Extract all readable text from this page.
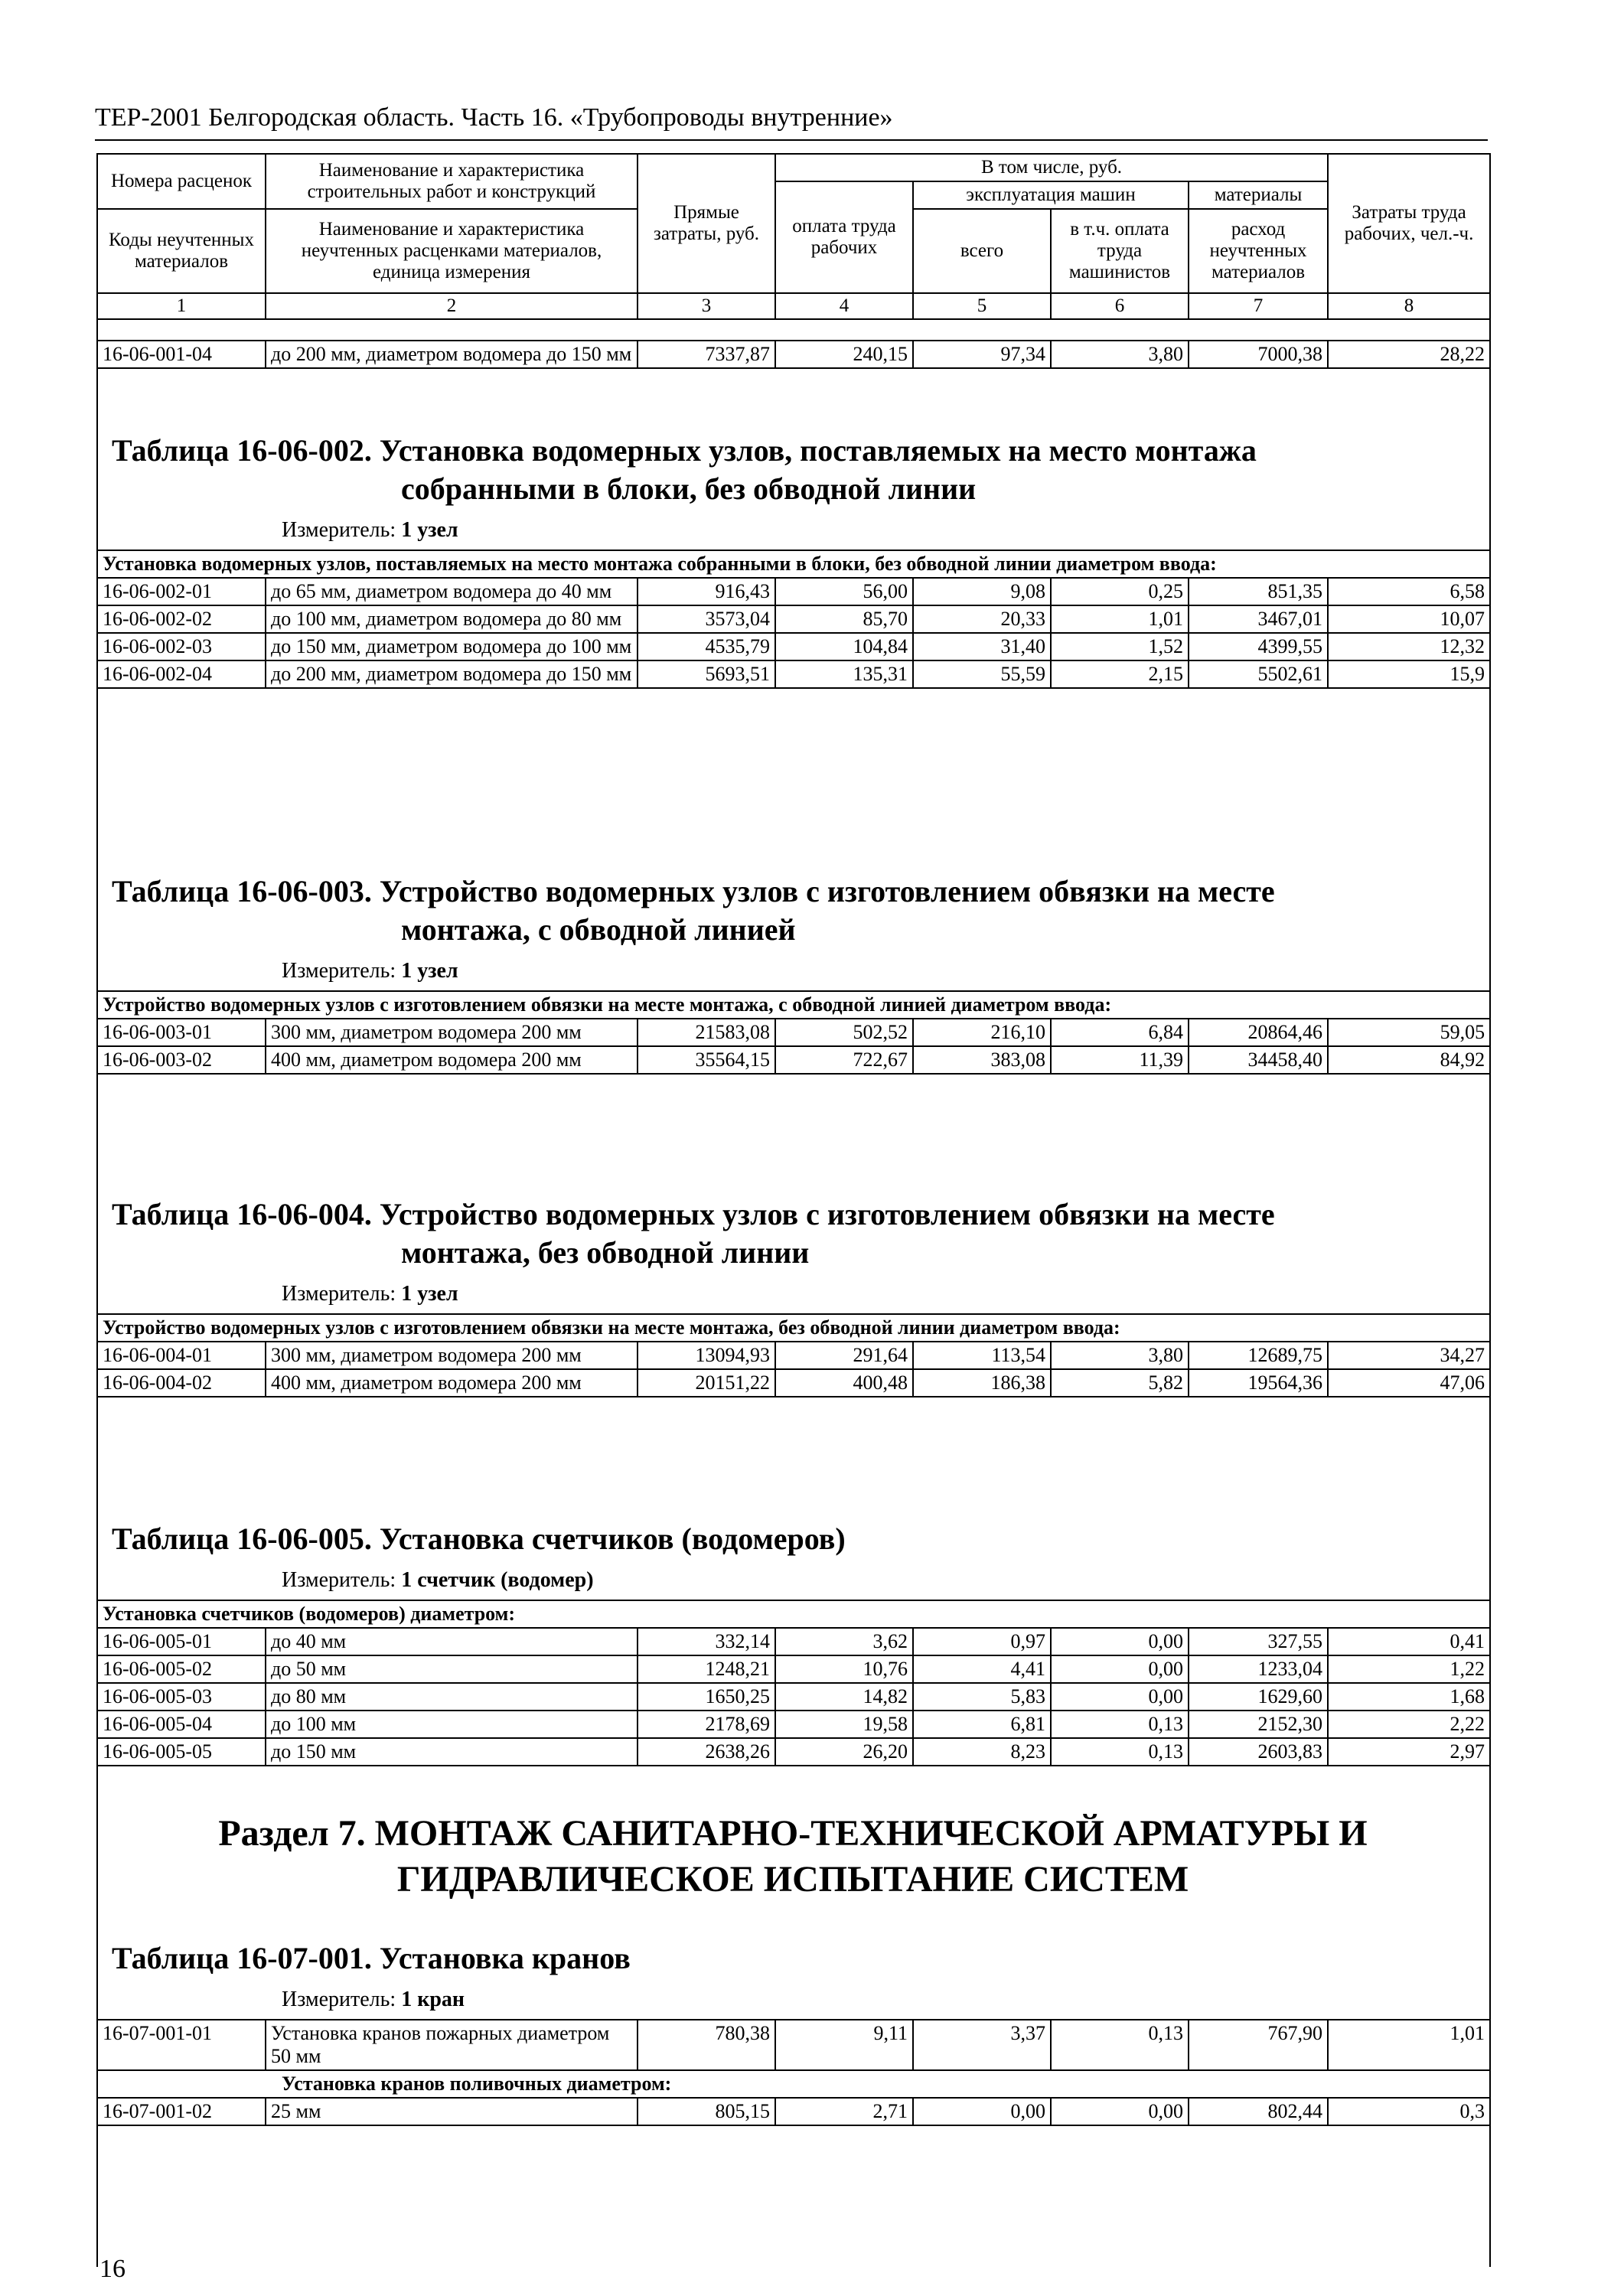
ТЕР-2001 Белгородская область. Часть 16. «Трубопроводы внутренние»
Номера расценок	Наименование и характеристика строительных работ и конструкций	Прямые затраты, руб.	В том числе, руб.				Затраты труда рабочих, чел.-ч.
			оплата труда рабочих	эксплуатация машин		материалы	
Коды неучтенных материалов	Наименование и характеристика неучтенных расценками материалов, единица измерения			всего	в т.ч. оплата труда машинистов	расход неучтенных материалов	

1	2	3	4	5	6	7	8
16-06-001-04	до 200 мм, диаметром водомера до 150 мм	7337,87	240,15	97,34	3,80	7000,38	28,22
Таблица 16-06-002. Установка водомерных узлов, поставляемых на место монтажа
собранными в блоки, без обводной линии
Измеритель: 1 узел
Установка водомерных узлов, поставляемых на место монтажа собранными в блоки, без обводной линии диаметром ввода:							
16-06-002-01	до 65 мм, диаметром водомера до 40 мм	916,43	56,00	9,08	0,25	851,35	6,58
16-06-002-02	до 100 мм, диаметром водомера до 80 мм	3573,04	85,70	20,33	1,01	3467,01	10,07
16-06-002-03	до 150 мм, диаметром водомера до 100 мм	4535,79	104,84	31,40	1,52	4399,55	12,32
16-06-002-04	до 200 мм, диаметром водомера до 150 мм	5693,51	135,31	55,59	2,15	5502,61	15,9
Таблица 16-06-003. Устройство водомерных узлов с изготовлением обвязки на месте
монтажа, с обводной линией
Измеритель: 1 узел
Устройство водомерных узлов с изготовлением обвязки на месте монтажа, с обводной линией диаметром ввода:							
16-06-003-01	300 мм, диаметром водомера 200 мм	21583,08	502,52	216,10	6,84	20864,46	59,05
16-06-003-02	400 мм, диаметром водомера 200 мм	35564,15	722,67	383,08	11,39	34458,40	84,92
Таблица 16-06-004. Устройство водомерных узлов с изготовлением обвязки на месте
монтажа, без обводной линии
Измеритель: 1 узел
Устройство водомерных узлов с изготовлением обвязки на месте монтажа, без обводной линии диаметром ввода:							
16-06-004-01	300 мм, диаметром водомера 200 мм	13094,93	291,64	113,54	3,80	12689,75	34,27
16-06-004-02	400 мм, диаметром водомера 200 мм	20151,22	400,48	186,38	5,82	19564,36	47,06
Таблица 16-06-005. Установка счетчиков (водомеров)
Измеритель: 1 счетчик (водомер)
Установка счетчиков (водомеров) диаметром:							
16-06-005-01	до 40 мм	332,14	3,62	0,97	0,00	327,55	0,41
16-06-005-02	до 50 мм	1248,21	10,76	4,41	0,00	1233,04	1,22
16-06-005-03	до 80 мм	1650,25	14,82	5,83	0,00	1629,60	1,68
16-06-005-04	до 100 мм	2178,69	19,58	6,81	0,13	2152,30	2,22
16-06-005-05	до 150 мм	2638,26	26,20	8,23	0,13	2603,83	2,97
Раздел 7. МОНТАЖ САНИТАРНО-ТЕХНИЧЕСКОЙ АРМАТУРЫ И
ГИДРАВЛИЧЕСКОЕ ИСПЫТАНИЕ СИСТЕМ
Таблица 16-07-001. Установка кранов
Измеритель: 1 кран
16-07-001-01	Установка кранов пожарных диаметром 50 мм	780,38	9,11	3,37	0,13	767,90	1,01
Установка кранов поливочных диаметром:							
16-07-001-02	25 мм	805,15	2,71	0,00	0,00	802,44	0,3
16
